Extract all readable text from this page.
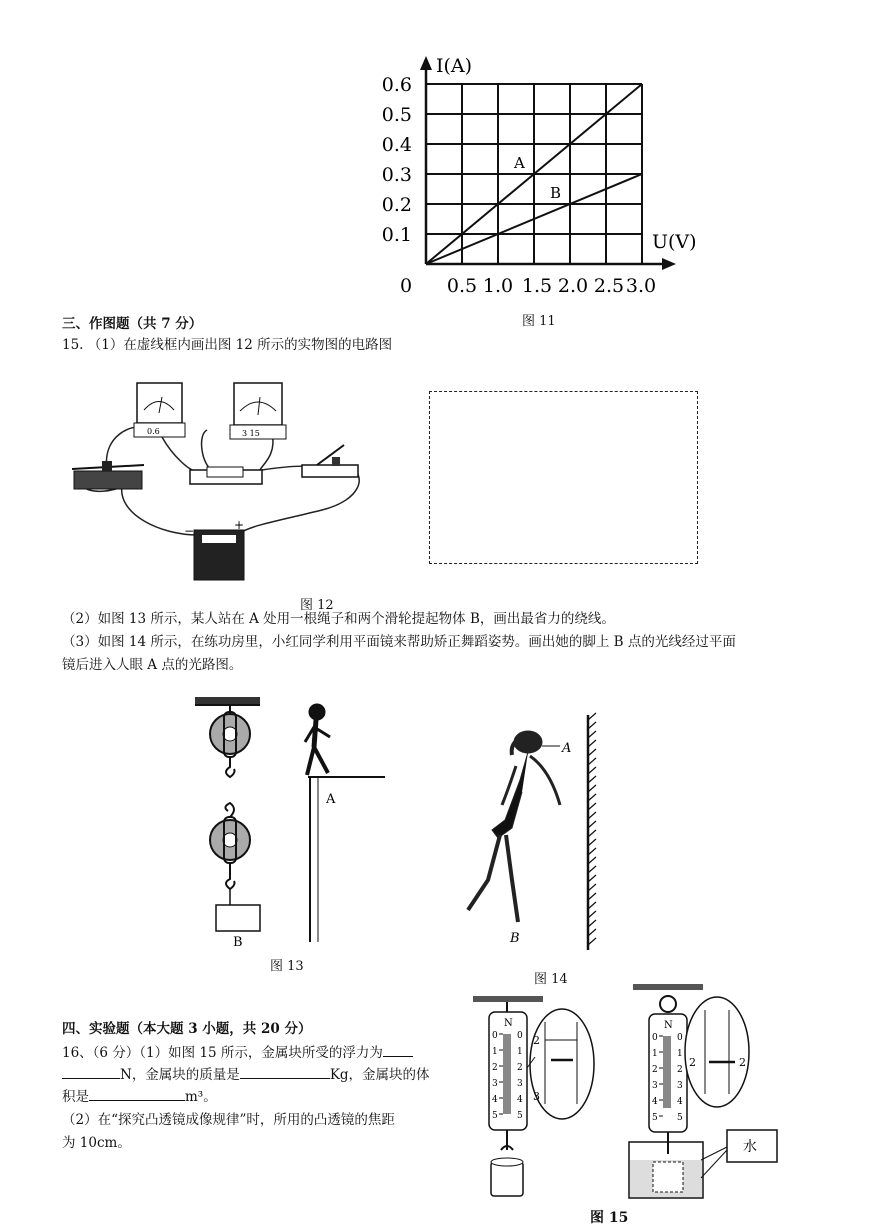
A
B
0.1
0.2
0.3
0.4
0.5
0.6
0.5 1.0 1.5 2.0 2.5 3.0
I(A)
U(V)
0
图 11
三、作图题（共 7 分）
15. （1）在虚线框内画出图 12 所示的实物图的电路图
0.6	3 15
−	+
图 12
（2）如图 13 所示，某人站在 A 处用一根绳子和两个滑轮提起物体 B，画出最省力的绕线。
（3）如图 14 所示，在练功房里，小红同学利用平面镜来帮助矫正舞蹈姿势。画出她的脚上 B 点的光线经过平面
镜后进入人眼 A 点的光路图。
B
A
图 13
A
B
图 14
四、实验题（本大题 3 小题，共 20 分）
16、（6 分）（1）如图 15 所示，金属块所受的浮力为
N，金属块的质量是	Kg，金属块的体
积是	m³。
（2）在“探究凸透镜成像规律”时，所用的凸透镜的焦距
为 10cm。
N
0 0
1 1
2 2
3 3
4 4
5 5
2
3
N
0 0
1 1
2 2
3 3
4 4
5 5
2	2
水
图 15
